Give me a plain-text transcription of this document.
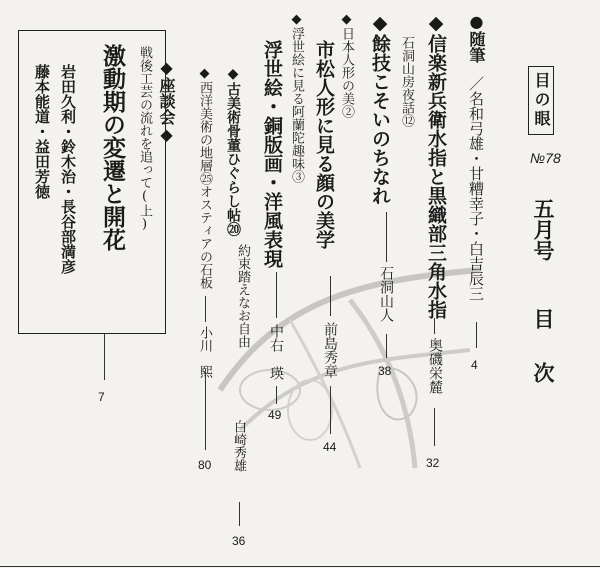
目の眼
№78
五月号
目　次
●随筆
／名和弓雄・甘糟幸子・白吉辰三
4
◆信楽新兵衛水指と黒織部三角水指
奥磯栄麓
32
石洞山房夜話⑫
◆餘技こそいのちなれ
石洞山人
38
◆日本人形の美②
市松人形に見る顔の美学
前島秀章
44
◆浮世絵に見る阿蘭陀趣味③
浮世絵・銅版画・洋風表現
中右　瑛
49
◆古美術骨董ひぐらし帖⑳
約束踏えなお自由
白崎秀雄
36
◆西洋美術の地層㉕オスティアの石板
小川　熙
80
◆座談会◆
戦後工芸の流れを追って(上)
激動期の変遷と開花
岩田久利・鈴木治・長谷部満彦
藤本能道・益田芳徳
7
